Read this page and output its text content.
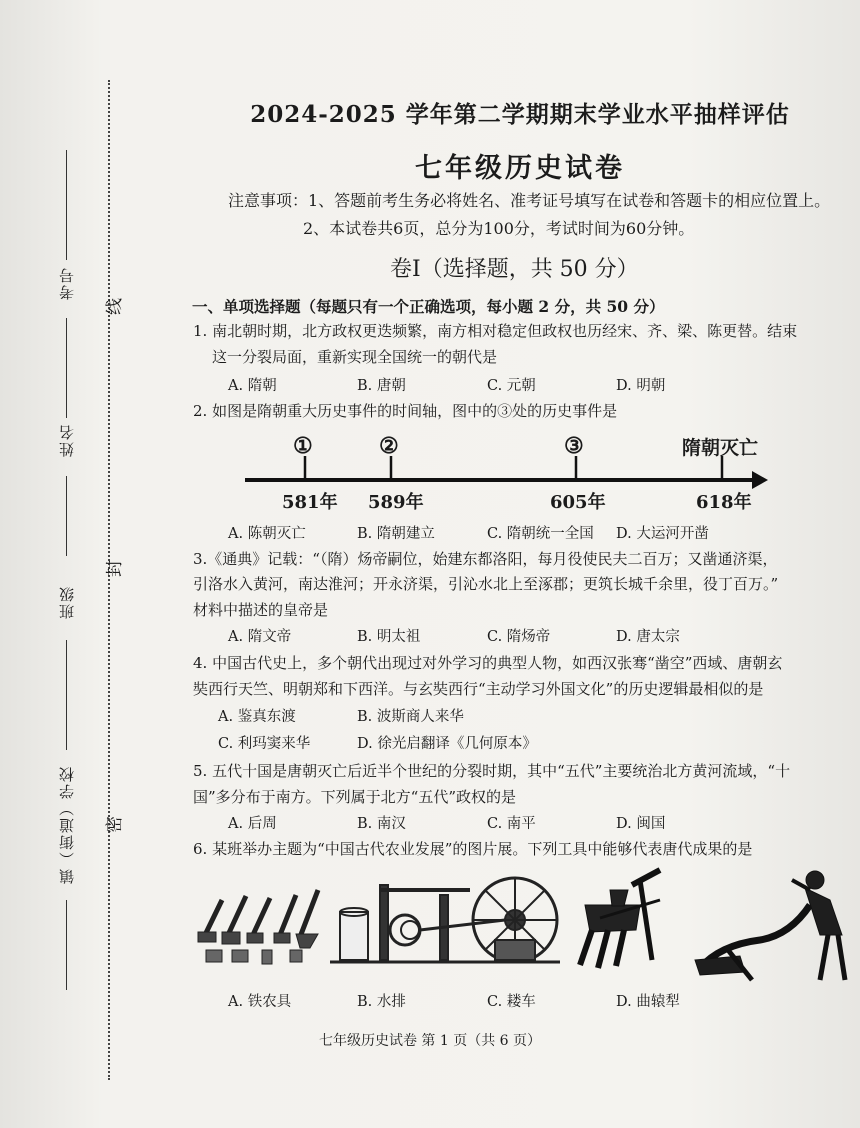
考号
姓名
班级
镇（街道）学校
线
封
密
2024-2025 学年第二学期期末学业水平抽样评估
七年级历史试卷
注意事项：1、答题前考生务必将姓名、准考证号填写在试卷和答题卡的相应位置上。
2、本试卷共6页，总分为100分，考试时间为60分钟。
卷Ⅰ（选择题，共 50 分）
一、单项选择题（每题只有一个正确选项，每小题 2 分，共 50 分）
1. 南北朝时期，北方政权更迭频繁，南方相对稳定但政权也历经宋、齐、梁、陈更替。结束
这一分裂局面，重新实现全国统一的朝代是
A. 隋朝	B. 唐朝	C. 元朝	D. 明朝
2. 如图是隋朝重大历史事件的时间轴，图中的③处的历史事件是
①	②	③	隋朝灭亡
581年 589年	605年	618年
A. 陈朝灭亡	B. 隋朝建立	C. 隋朝统一全国 D. 大运河开凿
3.《通典》记载：“（隋）炀帝嗣位，始建东都洛阳，每月役使民夫二百万；又凿通济渠，
引洛水入黄河，南达淮河；开永济渠，引沁水北上至涿郡；更筑长城千余里，役丁百万。”
材料中描述的皇帝是
A. 隋文帝	B. 明太祖	C. 隋炀帝	D. 唐太宗
4. 中国古代史上，多个朝代出现过对外学习的典型人物，如西汉张骞“凿空”西域、唐朝玄
奘西行天竺、明朝郑和下西洋。与玄奘西行“主动学习外国文化”的历史逻辑最相似的是
A. 鉴真东渡	B. 波斯商人来华
C. 利玛窦来华	D. 徐光启翻译《几何原本》
5. 五代十国是唐朝灭亡后近半个世纪的分裂时期，其中“五代”主要统治北方黄河流域，“十
国”多分布于南方。下列属于北方“五代”政权的是
A. 后周	B. 南汉	C. 南平	D. 闽国
6. 某班举办主题为“中国古代农业发展”的图片展。下列工具中能够代表唐代成果的是
A. 铁农具	B. 水排	C. 耧车	D. 曲辕犁
七年级历史试卷 第 1 页（共 6 页）
